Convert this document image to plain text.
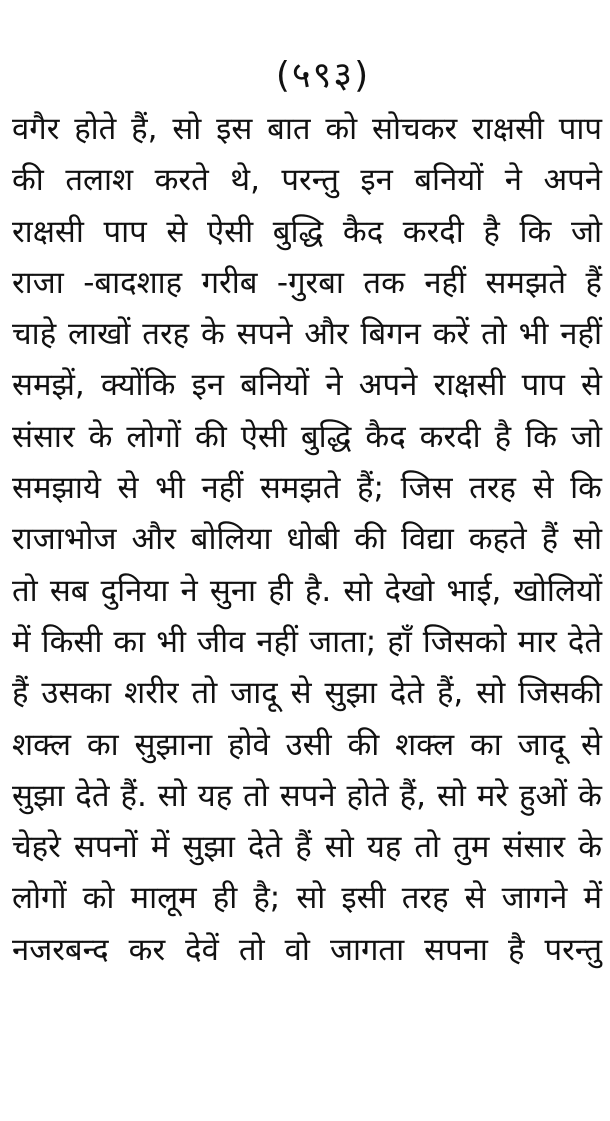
(५९३)
वगैर होते हैं, सो इस बात को सोचकर राक्षसी पाप
की तलाश करते थे, परन्तु इन बनियों ने अपने
राक्षसी पाप से ऐसी बुद्धि कैद करदी है कि जो
राजा -बादशाह गरीब -गुरबा तक नहीं समझते हैं
चाहे लाखों तरह के सपने और बिगन करें तो भी नहीं
समझें, क्योंकि इन बनियों ने अपने राक्षसी पाप से
संसार के लोगों की ऐसी बुद्धि कैद करदी है कि जो
समझाये से भी नहीं समझते हैं; जिस तरह से कि
राजाभोज और बोलिया धोबी की विद्या कहते हैं सो
तो सब दुनिया ने सुना ही है. सो देखो भाई, खोलियों
में किसी का भी जीव नहीं जाता; हाँ जिसको मार देते
हैं उसका शरीर तो जादू से सुझा देते हैं, सो जिसकी
शक्ल का सुझाना होवे उसी की शक्ल का जादू से
सुझा देते हैं. सो यह तो सपने होते हैं, सो मरे हुओं के
चेहरे सपनों में सुझा देते हैं सो यह तो तुम संसार के
लोगों को मालूम ही है; सो इसी तरह से जागने में
नजरबन्द कर देवें तो वो जागता सपना है परन्तु
